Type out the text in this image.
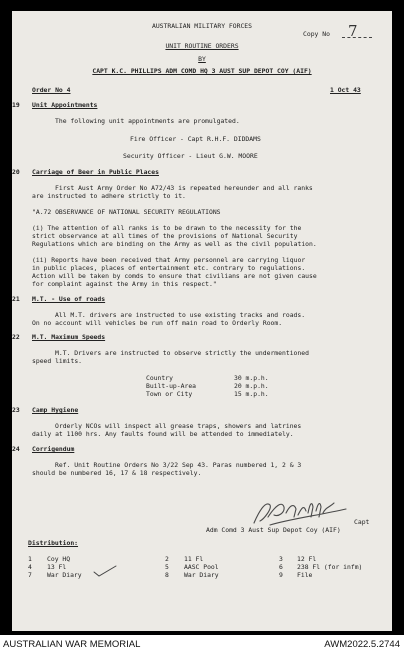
AUSTRALIAN MILITARY FORCES
Copy No 7
UNIT ROUTINE ORDERS
BY
CAPT K.C. PHILLIPS ADM COMD HQ 3 AUST SUP DEPOT COY (AIF)
Order No 4	1 Oct 43
19 Unit Appointments
The following unit appointments are promulgated.
Fire Officer - Capt R.H.F. DIDDAMS
Security Officer - Lieut G.W. MOORE
20 Carriage of Beer in Public Places
First Aust Army Order No A72/43 is repeated hereunder and all ranks
are instructed to adhere strictly to it.
"A.72 OBSERVANCE OF NATIONAL SECURITY REGULATIONS
(i) The attention of all ranks is to be drawn to the necessity for the
strict observance at all times of the provisions of National Security
Regulations which are binding on the Army as well as the civil population.
(ii) Reports have been received that Army personnel are carrying liquor
in public places, places of entertainment etc. contrary to regulations.
Action will be taken by comds to ensure that civilians are not given cause
for complaint against the Army in this respect."
21 M.T. - Use of roads
All M.T. drivers are instructed to use existing tracks and roads.
On no account will vehicles be run off main road to Orderly Room.
22 M.T. Maximum Speeds
M.T. Drivers are instructed to observe strictly the undermentioned
speed limits.
Country	30 m.p.h.
Built-up-Area	20 m.p.h.
Town or City	15 m.p.h.
23 Camp Hygiene
Orderly NCOs will inspect all grease traps, showers and latrines
daily at 1100 hrs. Any faults found will be attended to immediately.
24 Corrigendum
Ref. Unit Routine Orders No 3/22 Sep 43. Paras numbered 1, 2 & 3
should be numbered 16, 17 & 18 respectively.
Capt
Adm Comd 3 Aust Sup Depot Coy (AIF)
Distribution:
1 Coy HQ	2 11 Fl	3 12 Fl
4 13 Fl	5 AASC Pool	6 238 Fl (for infm)
7 War Diary	8 War Diary	9 File
AUSTRALIAN WAR MEMORIAL	AWM2022.5.2744
